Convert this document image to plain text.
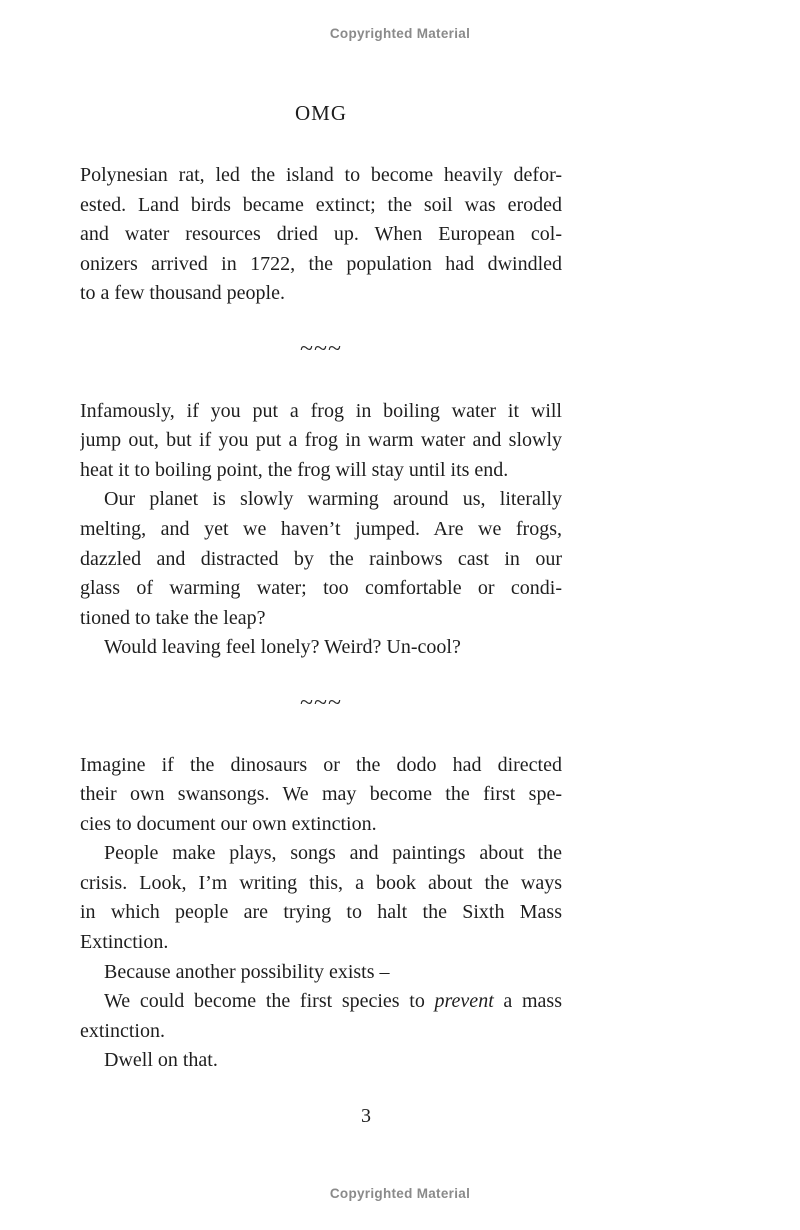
Copyrighted Material
OMG
Polynesian rat, led the island to become heavily defor-
ested. Land birds became extinct; the soil was eroded
and water resources dried up. When European col-
onizers arrived in 1722, the population had dwindled
to a few thousand people.
~~~
Infamously, if you put a frog in boiling water it will
jump out, but if you put a frog in warm water and slowly
heat it to boiling point, the frog will stay until its end.
Our planet is slowly warming around us, literally
melting, and yet we haven’t jumped. Are we frogs,
dazzled and distracted by the rainbows cast in our
glass of warming water; too comfortable or condi-
tioned to take the leap?
Would leaving feel lonely? Weird? Un-cool?
~~~
Imagine if the dinosaurs or the dodo had directed
their own swansongs. We may become the first spe-
cies to document our own extinction.
People make plays, songs and paintings about the
crisis. Look, I’m writing this, a book about the ways
in which people are trying to halt the Sixth Mass
Extinction.
Because another possibility exists –
We could become the first species to prevent a mass
extinction.
Dwell on that.
3
Copyrighted Material
